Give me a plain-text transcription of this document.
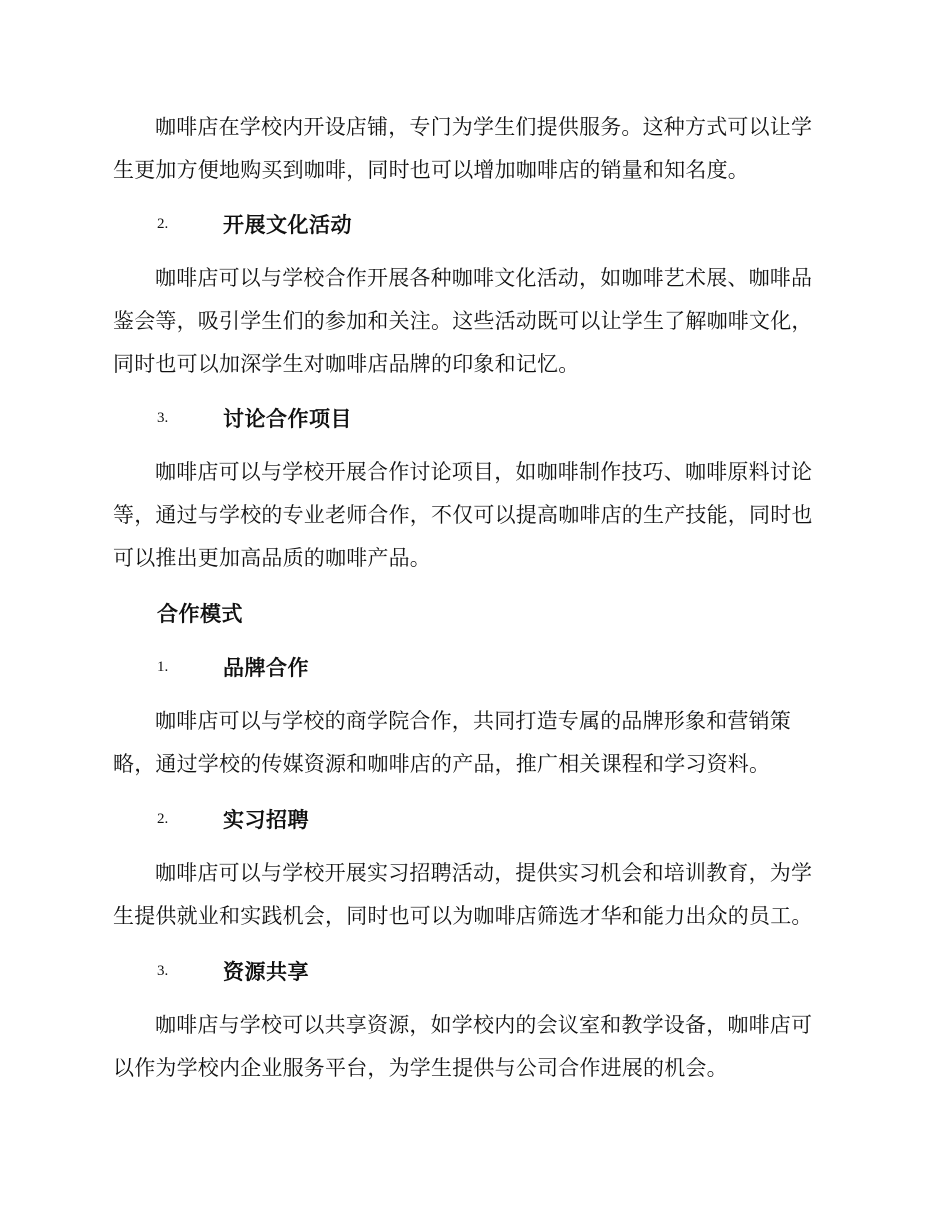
咖啡店在学校内开设店铺，专门为学生们提供服务。这种方式可以让学生更加方便地购买到咖啡，同时也可以增加咖啡店的销量和知名度。

2.	开展文化活动

咖啡店可以与学校合作开展各种咖啡文化活动，如咖啡艺术展、咖啡品鉴会等，吸引学生们的参加和关注。这些活动既可以让学生了解咖啡文化，同时也可以加深学生对咖啡店品牌的印象和记忆。

3.	讨论合作项目

咖啡店可以与学校开展合作讨论项目，如咖啡制作技巧、咖啡原料讨论等，通过与学校的专业老师合作，不仅可以提高咖啡店的生产技能，同时也可以推出更加高品质的咖啡产品。

合作模式
1.	品牌合作

咖啡店可以与学校的商学院合作，共同打造专属的品牌形象和营销策略，通过学校的传媒资源和咖啡店的产品，推广相关课程和学习资料。

2.	实习招聘

咖啡店可以与学校开展实习招聘活动，提供实习机会和培训教育，为学生提供就业和实践机会，同时也可以为咖啡店筛选才华和能力出众的员工。

3.	资源共享

咖啡店与学校可以共享资源，如学校内的会议室和教学设备，咖啡店可以作为学校内企业服务平台，为学生提供与公司合作进展的机会。
